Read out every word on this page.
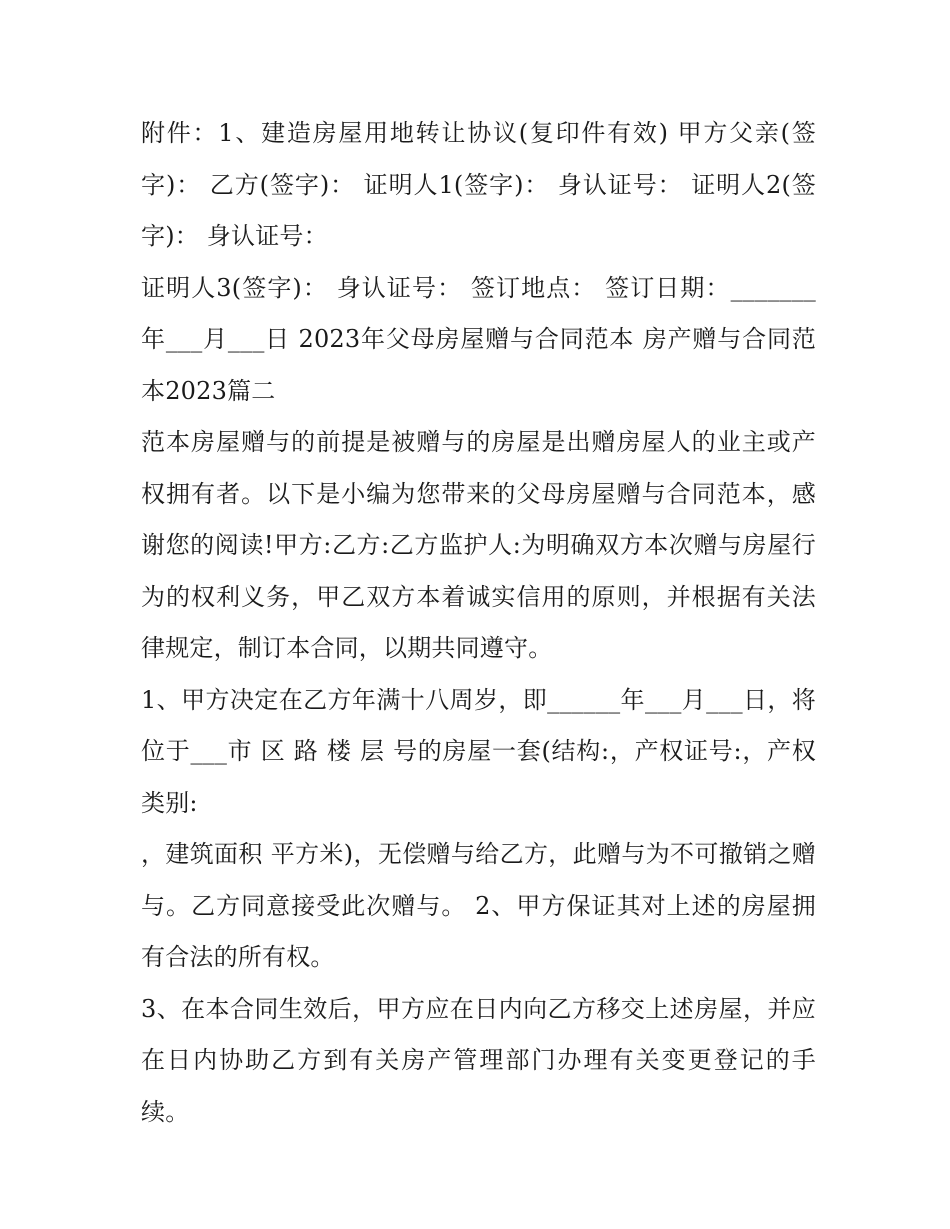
附件：1、建造房屋用地转让协议(复印件有效) 甲方父亲(签字)： 乙方(签字)： 证明人1(签字)： 身认证号： 证明人2(签字)： 身认证号：

证明人3(签字)： 身认证号： 签订地点： 签订日期：_______年___月___日 2023年父母房屋赠与合同范本 房产赠与合同范本2023篇二

范本房屋赠与的前提是被赠与的房屋是出赠房屋人的业主或产权拥有者。以下是小编为您带来的父母房屋赠与合同范本，感谢您的阅读!甲方:乙方:乙方监护人:为明确双方本次赠与房屋行为的权利义务，甲乙双方本着诚实信用的原则，并根据有关法律规定，制订本合同，以期共同遵守。

1、甲方决定在乙方年满十八周岁，即______年___月___日，将位于___市 区 路 楼 层 号的房屋一套(结构:，产权证号:，产权类别:

，建筑面积 平方米)，无偿赠与给乙方，此赠与为不可撤销之赠与。乙方同意接受此次赠与。 2、甲方保证其对上述的房屋拥有合法的所有权。

3、在本合同生效后，甲方应在日内向乙方移交上述房屋，并应在日内协助乙方到有关房产管理部门办理有关变更登记的手续。
